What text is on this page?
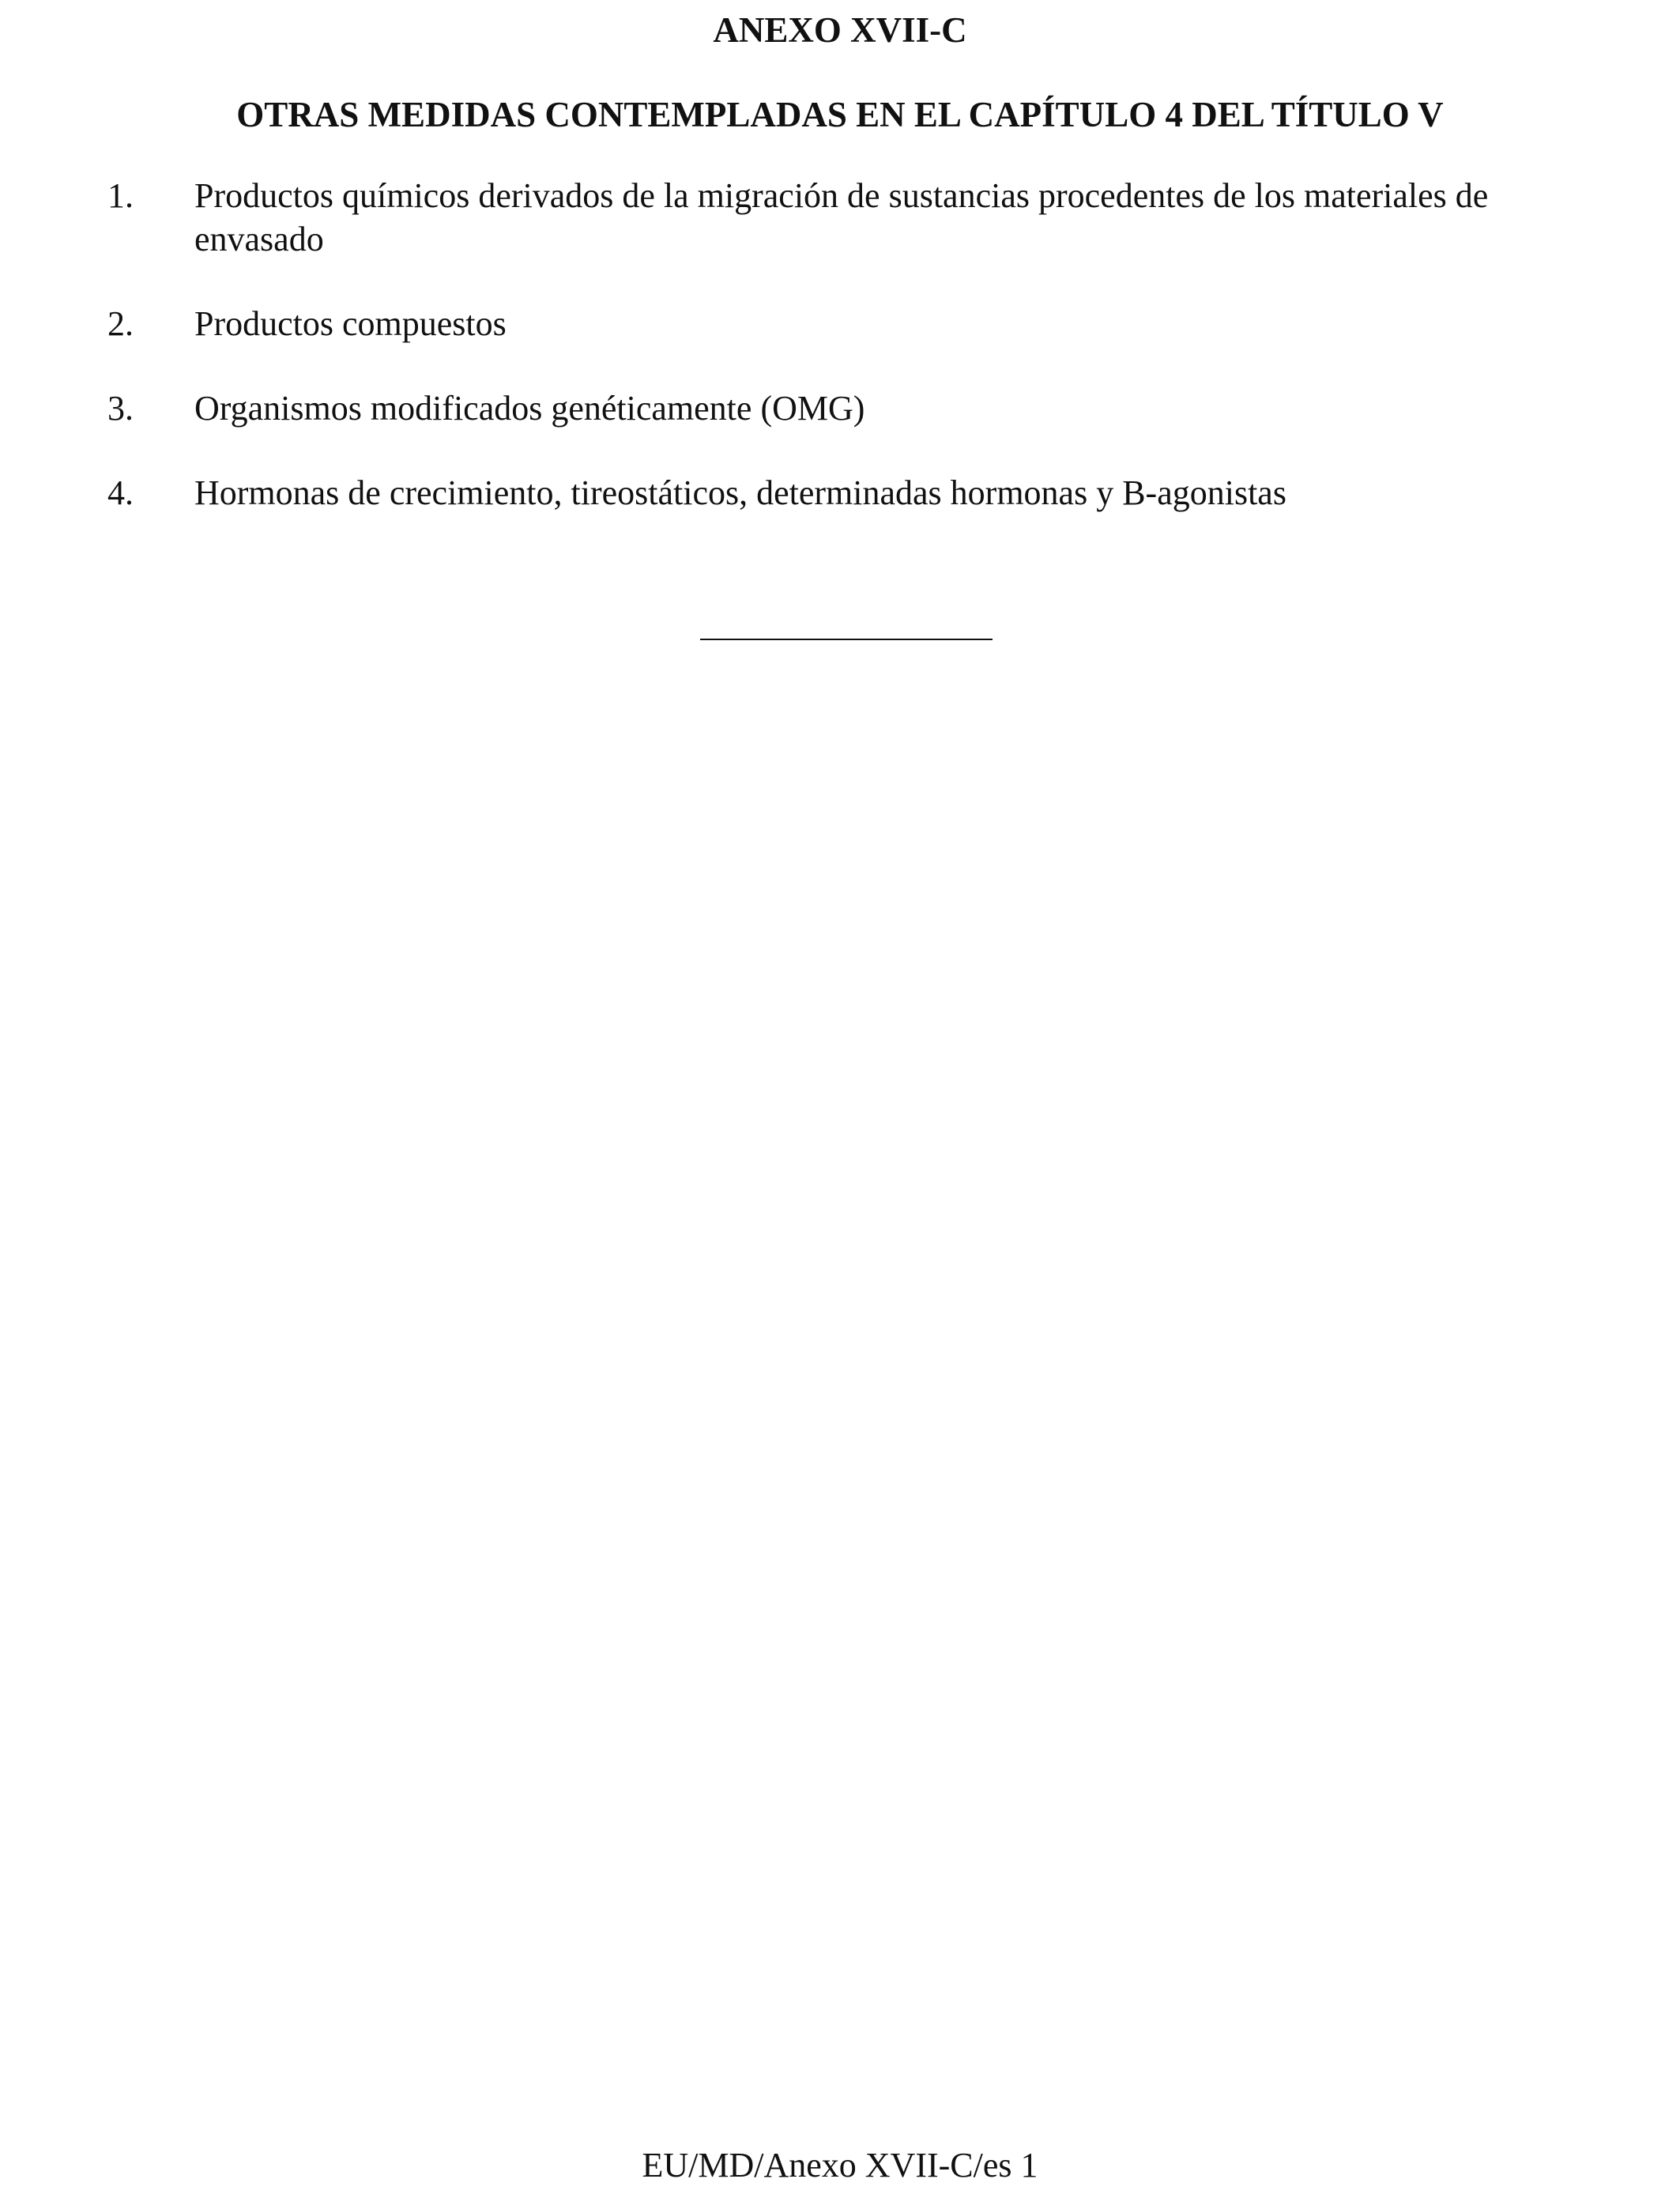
ANEXO XVII-C
OTRAS MEDIDAS CONTEMPLADAS EN EL CAPÍTULO 4 DEL TÍTULO V
1.	Productos químicos derivados de la migración de sustancias procedentes de los materiales de envasado
2.	Productos compuestos
3.	Organismos modificados genéticamente (OMG)
4.	Hormonas de crecimiento, tireostáticos, determinadas hormonas y B-agonistas

EU/MD/Anexo XVII-C/es 1
